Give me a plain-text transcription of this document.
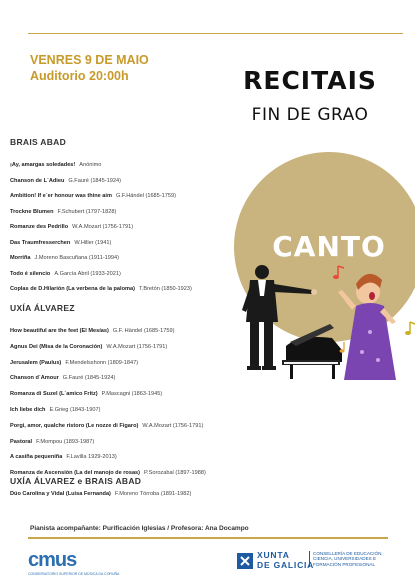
VENRES 9 DE MAIO
Auditorio 20:00h	RECITAIS
FIN DE GRAO
CANTO
BRAIS ABAD
¡Ay, amargas soledades! Anónimo
Chanson de L´Adieu G.Fauré (1845-1924)
Ambition! If e´er honour was thine aim G.F.Händel (1685-1759)
Trockne Blumen F.Schubert (1797-1828)
Romanze des Pedrillo W.A.Mozart (1756-1791)
Das Traumfresserchen W.Hiller (1941)
Morriña J.Moreno Bascuñana (1911-1994)
Todo é silencio A.García Abril (1933-2021)
Coplas de D.Hilarión (La verbena de la paloma) T.Bretón (1850-1923)
UXÍA ÁLVAREZ
How beautiful are the feet (El Mesías) G.F. Händel (1685-1759)
Agnus Dei (Misa de la Coronación) W.A.Mozart (1756-1791)
Jerusalem (Paulus) F.Mendelsshonn (1809-1847)
Chanson d´Amour G.Fauré (1845-1924)
Romanza di Suzel (L´amico Fritz) P.Mascagni (1863-1945)
Ich liebe dich E.Grieg (1843-1907)
Porgi, amor, qualche ristoro (Le nozze di Figaro) W.A.Mozart (1756-1791)
Pastoral F.Mompou (1893-1987)
A casiña pequeniña F.Lavilla 1929-2013)
Romanza de Ascensión (La del manojo de rosas) P.Sorozabal (1897-1988)
UXÍA ÁLVAREZ e BRAIS ABAD
Dúo Carolina y Vidal (Luisa Fernanda) F.Moreno Tórroba (1891-1982)
Pianista acompañante: Purificación Iglesias / Profesora: Ana Docampo
cmus
CONSERVATORIO SUPERIOR DE MÚSICA DA CORUÑA
XUNTA
DE GALICIA
CONSELLERÍA DE EDUCACIÓN,
CIENCIA, UNIVERSIDADES E
FORMACIÓN PROFESIONAL
